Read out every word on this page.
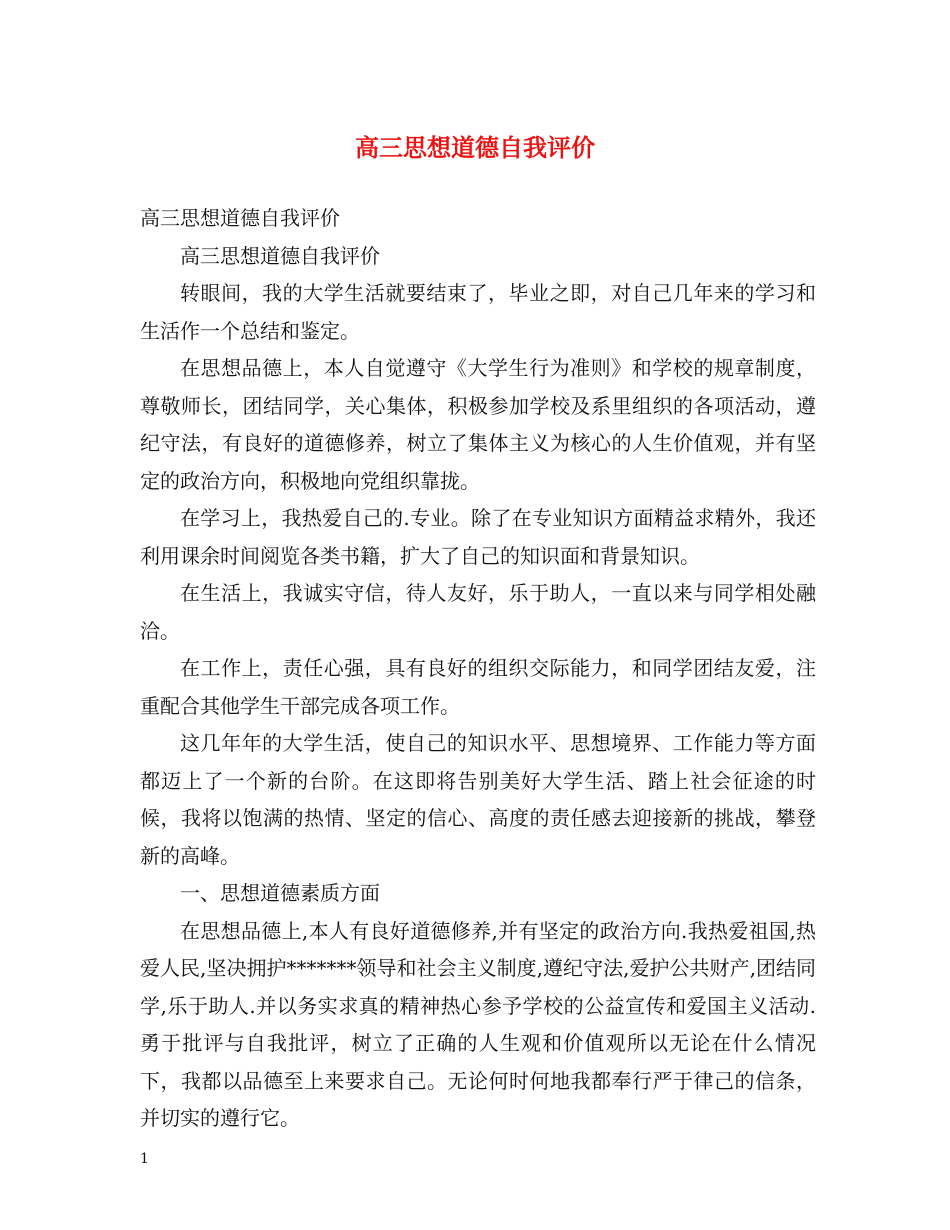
高三思想道德自我评价

高三思想道德自我评价

高三思想道德自我评价

转眼间，我的大学生活就要结束了，毕业之即，对自己几年来的学习和生活作一个总结和鉴定。

在思想品德上，本人自觉遵守《大学生行为准则》和学校的规章制度，尊敬师长，团结同学，关心集体，积极参加学校及系里组织的各项活动，遵纪守法，有良好的道德修养，树立了集体主义为核心的人生价值观，并有坚定的政治方向，积极地向党组织靠拢。

在学习上，我热爱自己的.专业。除了在专业知识方面精益求精外，我还利用课余时间阅览各类书籍，扩大了自己的知识面和背景知识。

在生活上，我诚实守信，待人友好，乐于助人，一直以来与同学相处融洽。

在工作上，责任心强，具有良好的组织交际能力，和同学团结友爱，注重配合其他学生干部完成各项工作。

这几年年的大学生活，使自己的知识水平、思想境界、工作能力等方面都迈上了一个新的台阶。在这即将告别美好大学生活、踏上社会征途的时候，我将以饱满的热情、坚定的信心、高度的责任感去迎接新的挑战，攀登新的高峰。

一、思想道德素质方面

在思想品德上,本人有良好道德修养,并有坚定的政治方向.我热爱祖国,热爱人民,坚决拥护*******领导和社会主义制度,遵纪守法,爱护公共财产,团结同学,乐于助人.并以务实求真的精神热心参予学校的公益宣传和爱国主义活动. 勇于批评与自我批评，树立了正确的人生观和价值观所以无论在什么情况下，我都以品德至上来要求自己。无论何时何地我都奉行严于律己的信条，并切实的遵行它。

1
